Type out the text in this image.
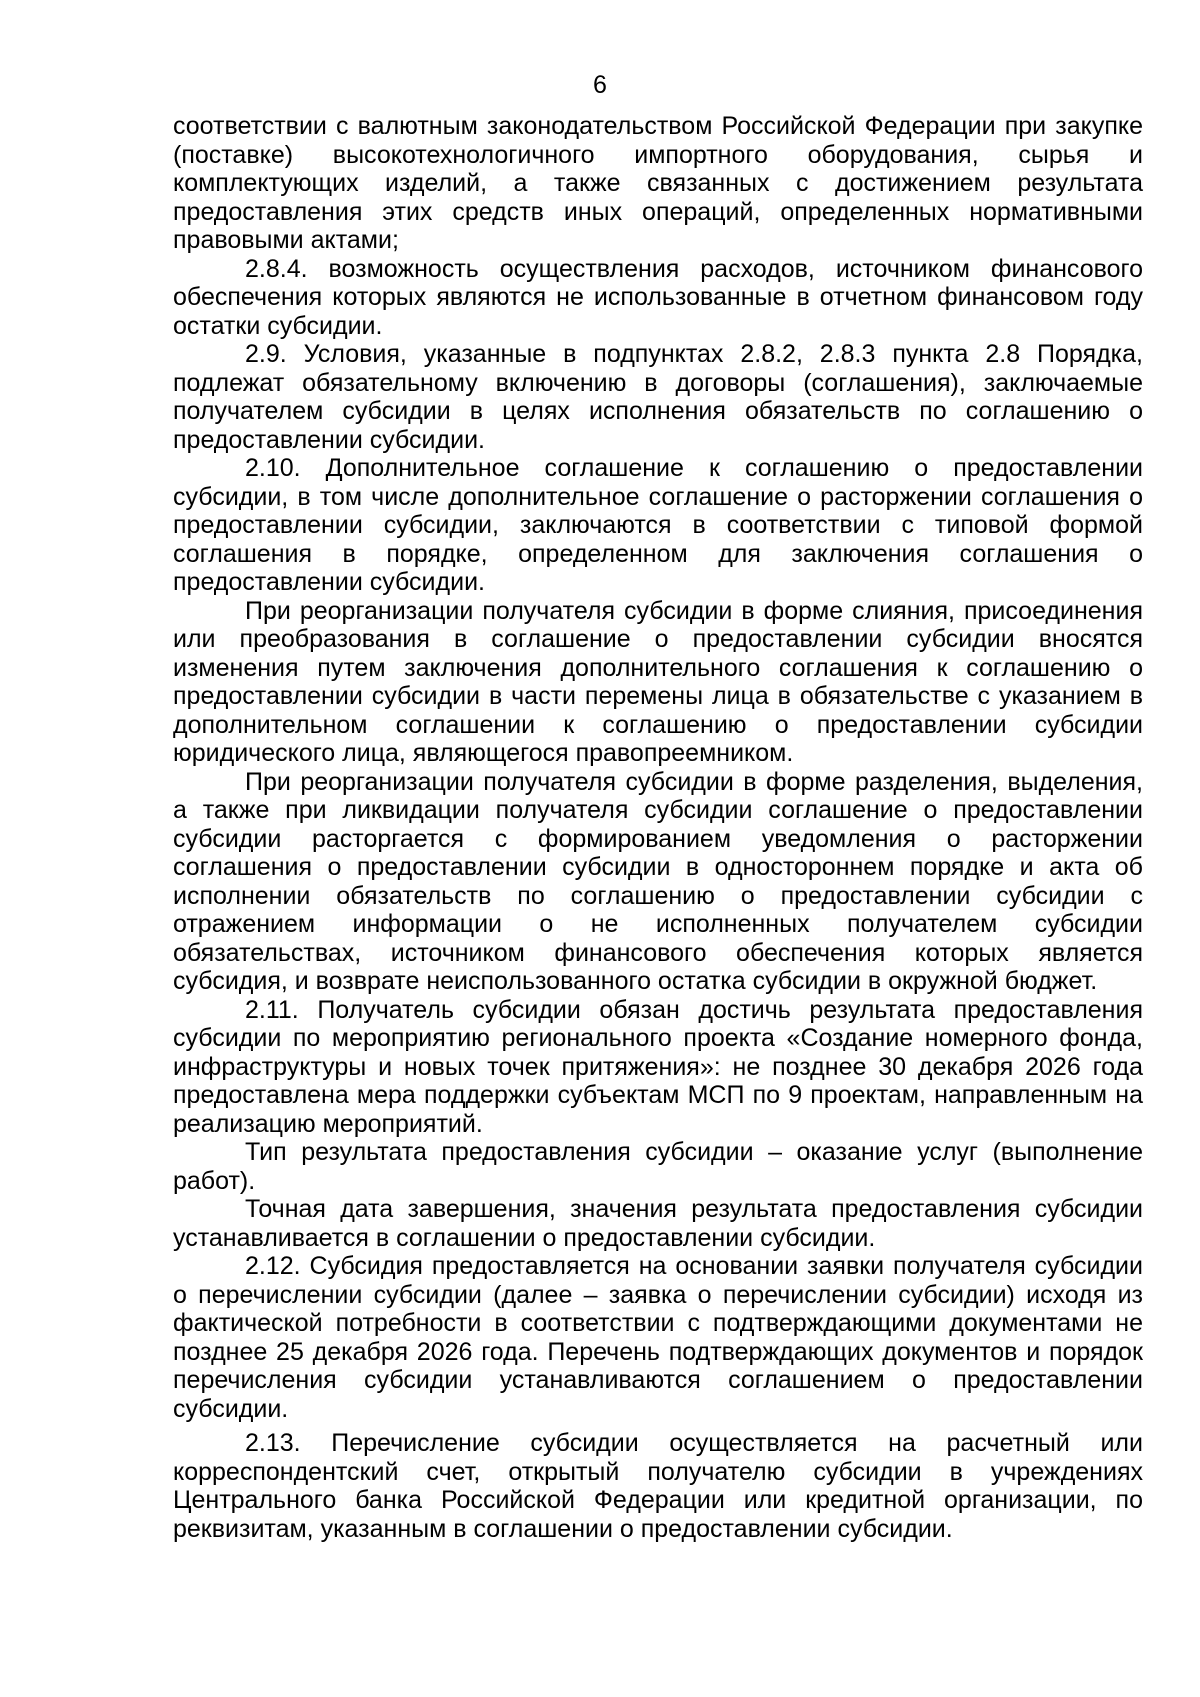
6

соответствии с валютным законодательством Российской Федерации при закупке (поставке) высокотехнологичного импортного оборудования, сырья и комплектующих изделий, а также связанных с достижением результата предоставления этих средств иных операций, определенных нормативными правовыми актами;

2.8.4. возможность осуществления расходов, источником финансового обеспечения которых являются не использованные в отчетном финансовом году остатки субсидии.

2.9. Условия, указанные в подпунктах 2.8.2, 2.8.3 пункта 2.8 Порядка, подлежат обязательному включению в договоры (соглашения), заключаемые получателем субсидии в целях исполнения обязательств по соглашению о предоставлении субсидии.

2.10. Дополнительное соглашение к соглашению о предоставлении субсидии, в том числе дополнительное соглашение о расторжении соглашения о предоставлении субсидии, заключаются в соответствии с типовой формой соглашения в порядке, определенном для заключения соглашения о предоставлении субсидии.

При реорганизации получателя субсидии в форме слияния, присоединения или преобразования в соглашение о предоставлении субсидии вносятся изменения путем заключения дополнительного соглашения к соглашению о предоставлении субсидии в части перемены лица в обязательстве с указанием в дополнительном соглашении к соглашению о предоставлении субсидии юридического лица, являющегося правопреемником.

При реорганизации получателя субсидии в форме разделения, выделения, а также при ликвидации получателя субсидии соглашение о предоставлении субсидии расторгается с формированием уведомления о расторжении соглашения о предоставлении субсидии в одностороннем порядке и акта об исполнении обязательств по соглашению о предоставлении субсидии с отражением информации о не исполненных получателем субсидии обязательствах, источником финансового обеспечения которых является субсидия, и возврате неиспользованного остатка субсидии в окружной бюджет.

2.11. Получатель субсидии обязан достичь результата предоставления субсидии по мероприятию регионального проекта «Создание номерного фонда, инфраструктуры и новых точек притяжения»: не позднее 30 декабря 2026 года предоставлена мера поддержки субъектам МСП по 9 проектам, направленным на реализацию мероприятий.

Тип результата предоставления субсидии – оказание услуг (выполнение работ).

Точная дата завершения, значения результата предоставления субсидии устанавливается в соглашении о предоставлении субсидии.

2.12. Субсидия предоставляется на основании заявки получателя субсидии о перечислении субсидии (далее – заявка о перечислении субсидии) исходя из фактической потребности в соответствии с подтверждающими документами не позднее 25 декабря 2026 года. Перечень подтверждающих документов и порядок перечисления субсидии устанавливаются соглашением о предоставлении субсидии.

2.13. Перечисление субсидии осуществляется на расчетный или корреспондентский счет, открытый получателю субсидии в учреждениях Центрального банка Российской Федерации или кредитной организации, по реквизитам, указанным в соглашении о предоставлении субсидии.
